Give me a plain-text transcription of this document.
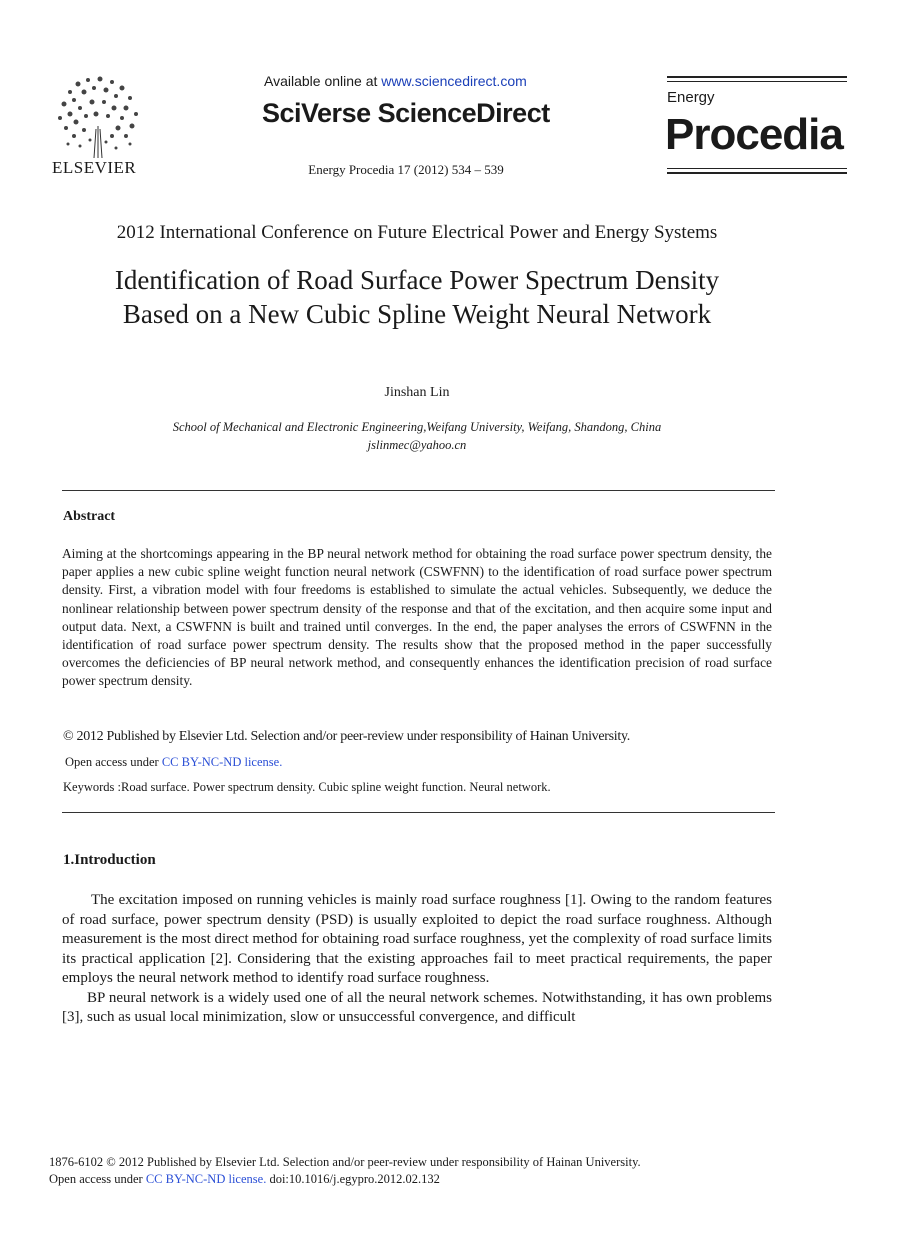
ELSEVIER
Available online at www.sciencedirect.com
SciVerse ScienceDirect
Energy Procedia 17 (2012) 534 – 539
Energy
Procedia
2012 International Conference on Future Electrical Power and Energy Systems
Identification of Road Surface Power Spectrum Density
Based on a New Cubic Spline Weight Neural Network
Jinshan Lin
School of Mechanical and Electronic Engineering,Weifang University, Weifang, Shandong, China
jslinmec@yahoo.cn
Abstract
Aiming at the shortcomings appearing in the BP neural network method for obtaining the road surface power spectrum density, the paper applies a new cubic spline weight function neural network (CSWFNN) to the identification of road surface power spectrum density. First, a vibration model with four freedoms is established to simulate the actual vehicles. Subsequently, we deduce the nonlinear relationship between power spectrum density of the response and that of the excitation, and then acquire some input and output data. Next, a CSWFNN is built and trained until converges. In the end, the paper analyses the errors of CSWFNN in the identification of road surface power spectrum density. The results show that the proposed method in the paper successfully overcomes the deficiencies of BP neural network method, and consequently enhances the identification precision of road surface power spectrum density.
© 2012 Published by Elsevier Ltd. Selection and/or peer-review under responsibility of Hainan University.
Open access under CC BY-NC-ND license.
Keywords :Road surface. Power spectrum density. Cubic spline weight function. Neural network.
1.Introduction

The excitation imposed on running vehicles is mainly road surface roughness [1]. Owing to the random features of road surface, power spectrum density (PSD) is usually exploited to depict the road surface roughness. Although measurement is the most direct method for obtaining road surface roughness, yet the complexity of road surface limits its practical application [2]. Considering that the existing approaches fail to meet practical requirements, the paper employs the neural network method to identify road surface roughness.

BP neural network is a widely used one of all the neural network schemes. Notwithstanding, it has own problems [3], such as usual local minimization, slow or unsuccessful convergence, and difficult

1876-6102 © 2012 Published by Elsevier Ltd. Selection and/or peer-review under responsibility of Hainan University.
Open access under CC BY-NC-ND license. doi:10.1016/j.egypro.2012.02.132
